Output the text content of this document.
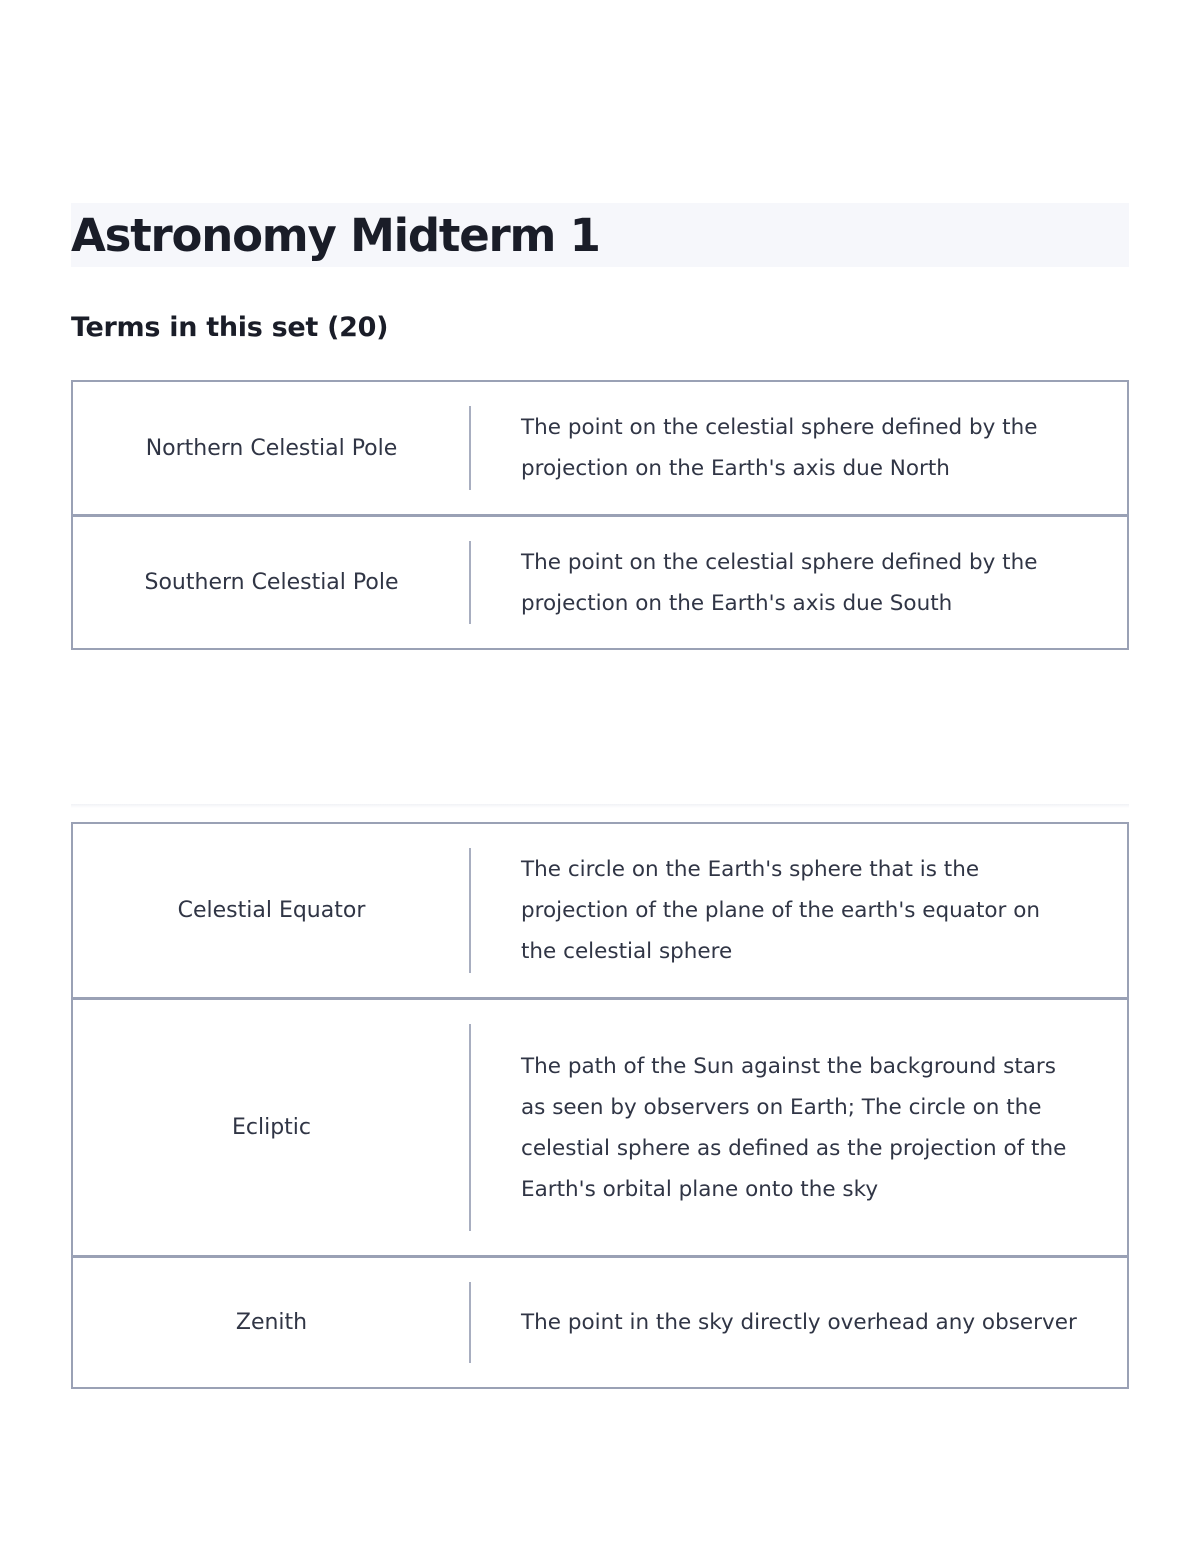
Astronomy Midterm 1
Terms in this set (20)
Northern Celestial Pole
The point on the celestial sphere defined by the projection on the Earth's axis due North
Southern Celestial Pole
The point on the celestial sphere defined by the projection on the Earth's axis due South
Celestial Equator
The circle on the Earth's sphere that is the projection of the plane of the earth's equator on the celestial sphere
Ecliptic
The path of the Sun against the background stars as seen by observers on Earth; The circle on the celestial sphere as defined as the projection of the Earth's orbital plane onto the sky
Zenith	The point in the sky directly overhead any observer
